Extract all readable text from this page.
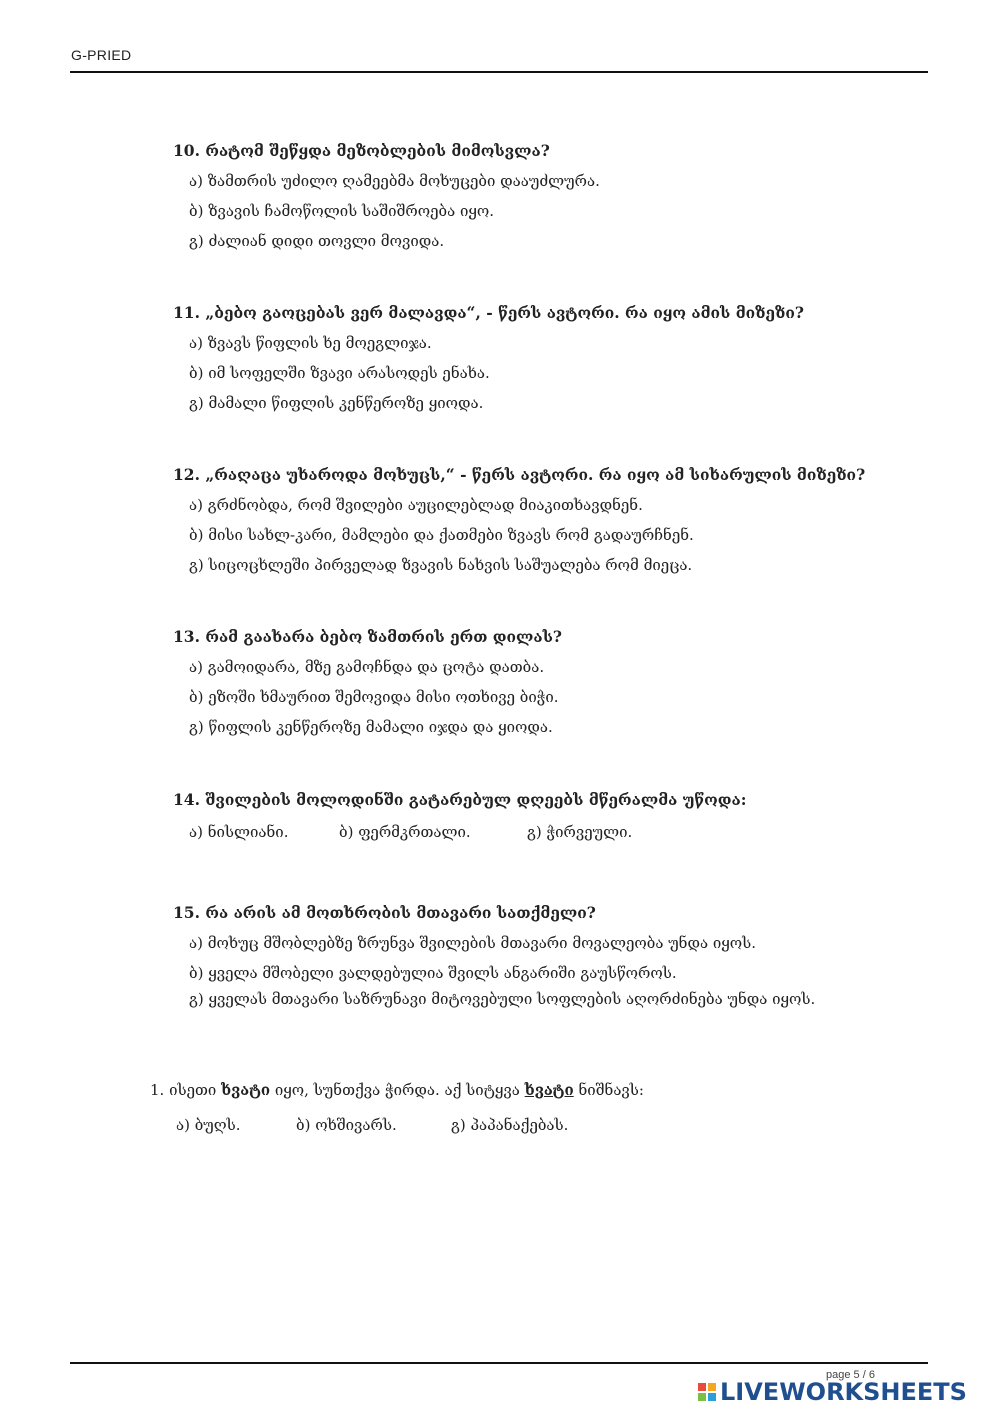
G-PRIED

10. რატომ შეწყდა მეზობლების მიმოსვლა?

ა) ზამთრის უძილო ღამეებმა მოხუცები დააუძლურა.
ბ) ზვავის ჩამოწოლის საშიშროება იყო.
გ) ძალიან დიდი თოვლი მოვიდა.

11. „ბებო გაოცებას ვერ მალავდა“, - წერს ავტორი. რა იყო ამის მიზეზი?

ა) ზვავს წიფლის ხე მოეგლიჯა.
ბ) იმ სოფელში ზვავი არასოდეს ენახა.
გ) მამალი წიფლის კენწეროზე ყიოდა.

12. „რაღაცა უხაროდა მოხუცს,“ - წერს ავტორი. რა იყო ამ სიხარულის მიზეზი?

ა) გრძნობდა, რომ შვილები აუცილებლად მიაკითხავდნენ.
ბ) მისი სახლ-კარი, მამლები და ქათმები ზვავს რომ გადაურჩნენ.
გ) სიცოცხლეში პირველად ზვავის ნახვის საშუალება რომ მიეცა.

13. რამ გაახარა ბებო ზამთრის ერთ დილას?

ა) გამოიდარა, მზე გამოჩნდა და ცოტა დათბა.
ბ) ეზოში ხმაურით შემოვიდა მისი ოთხივე ბიჭი.
გ) წიფლის კენწეროზე მამალი იჯდა და ყიოდა.

14. შვილების მოლოდინში გატარებულ დღეებს მწერალმა უწოდა:

ა) ნისლიანი.	ბ) ფერმკრთალი.	გ) ჭირვეული.

15. რა არის ამ მოთხრობის მთავარი სათქმელი?

ა) მოხუც მშობლებზე ზრუნვა შვილების მთავარი მოვალეობა უნდა იყოს.
ბ) ყველა მშობელი ვალდებულია შვილს ანგარიში გაუსწოროს.
გ) ყველას მთავარი საზრუნავი მიტოვებული სოფლების აღორძინება უნდა იყოს.
1. ისეთი ხვატი იყო, სუნთქვა ჭირდა. აქ სიტყვა ხვატი ნიშნავს:
ა) ბუღს.	ბ) ოხშივარს.	გ) პაპანაქებას.
page 5 / 6
LIVEWORKSHEETS
